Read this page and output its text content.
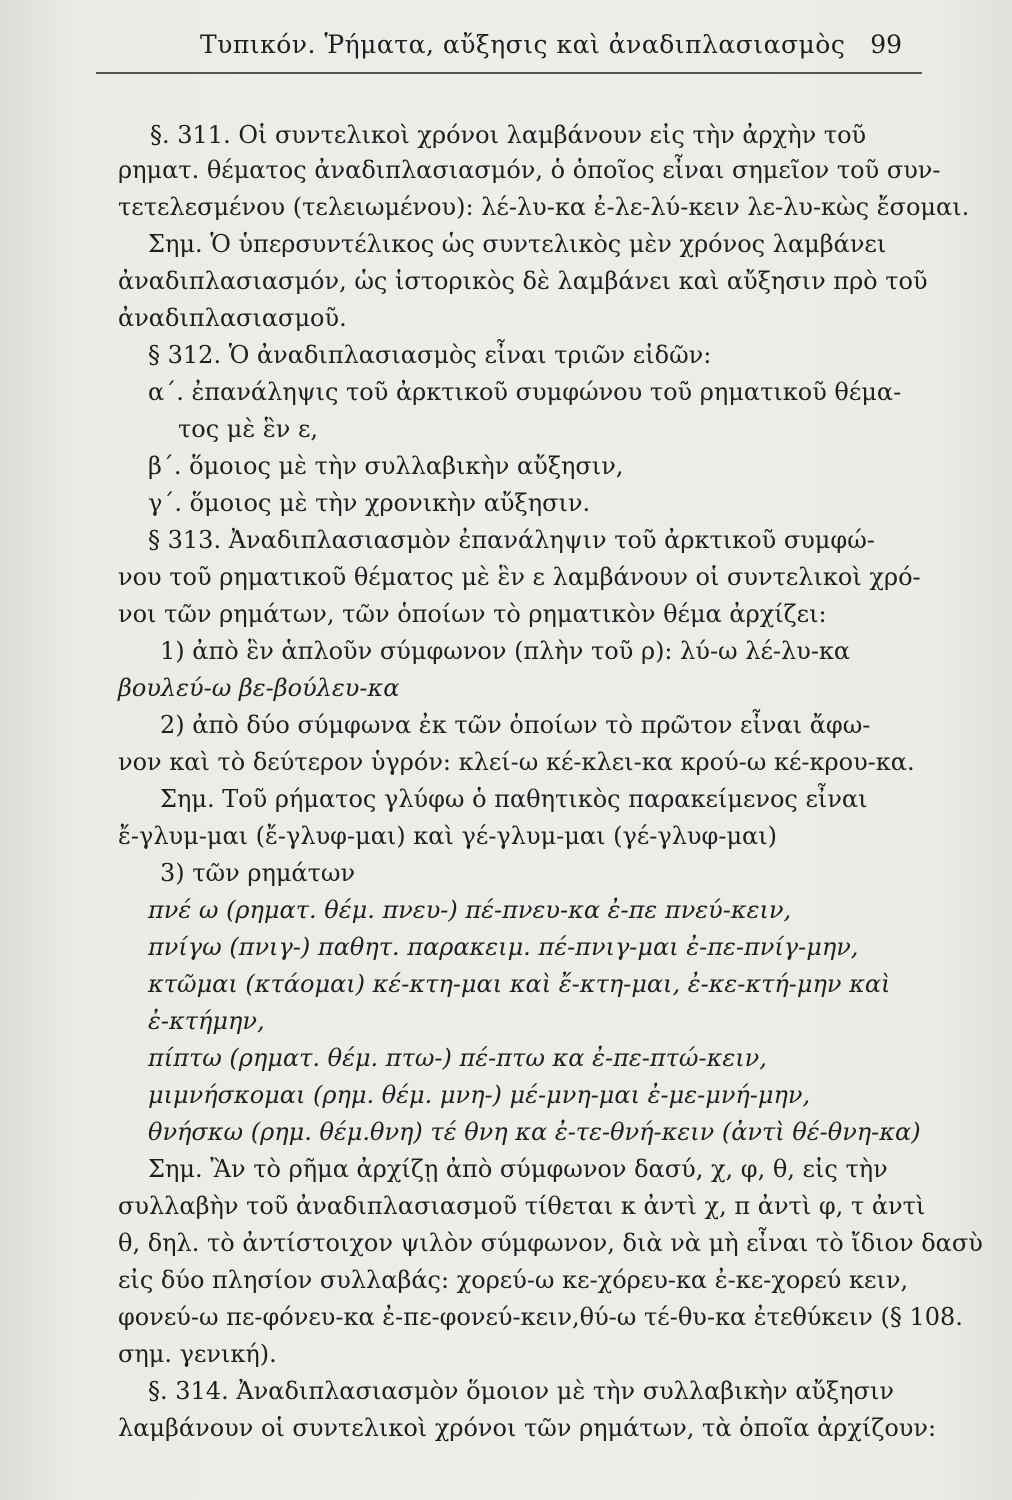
Τυπικόν. Ῥήματα, αὔξησις καὶ ἀναδιπλασιασμὸς 99
§. 311. Οἱ συντελικοὶ χρόνοι λαμβάνουν εἰς τὴν ἀρχὴν τοῦ
ρηματ. θέματος ἀναδιπλασιασμόν, ὁ ὁποῖος εἶναι σημεῖον τοῦ συν-
τετελεσμένου (τελειωμένου): λέ-λυ-κα ἐ-λε-λύ-κειν λε-λυ-κὼς ἔσομαι.
Σημ. Ὁ ὑπερσυντέλικος ὡς συντελικὸς μὲν χρόνος λαμβάνει
ἀναδιπλασιασμόν, ὡς ἱστορικὸς δὲ λαμβάνει καὶ αὔξησιν πρὸ τοῦ
ἀναδιπλασιασμοῦ.
§ 312. Ὁ ἀναδιπλασιασμὸς εἶναι τριῶν εἰδῶν:
α΄. ἐπανάληψις τοῦ ἀρκτικοῦ συμφώνου τοῦ ρηματικοῦ θέμα-
τος μὲ ἓν ε,
β΄. ὅμοιος μὲ τὴν συλλαβικὴν αὔξησιν,
γ΄. ὅμοιος μὲ τὴν χρονικὴν αὔξησιν.
§ 313. Ἀναδιπλασιασμὸν ἐπανάληψιν τοῦ ἀρκτικοῦ συμφώ-
νου τοῦ ρηματικοῦ θέματος μὲ ἓν ε λαμβάνουν οἱ συντελικοὶ χρό-
νοι τῶν ρημάτων, τῶν ὁποίων τὸ ρηματικὸν θέμα ἀρχίζει:
1) ἀπὸ ἓν ἁπλοῦν σύμφωνον (πλὴν τοῦ ρ): λύ-ω λέ-λυ-κα
βουλεύ-ω βε-βούλευ-κα
2) ἀπὸ δύο σύμφωνα ἐκ τῶν ὁποίων τὸ πρῶτον εἶναι ἄφω-
νον καὶ τὸ δεύτερον ὑγρόν: κλεί-ω κέ-κλει-κα κρού-ω κέ-κρου-κα.
Σημ. Τοῦ ρήματος γλύφω ὁ παθητικὸς παρακείμενος εἶναι
ἔ-γλυμ-μαι (ἔ-γλυφ-μαι) καὶ γέ-γλυμ-μαι (γέ-γλυφ-μαι)
3) τῶν ρημάτων
πνέ ω (ρηματ. θέμ. πνευ-) πέ-πνευ-κα ἐ-πε πνεύ-κειν,
πνίγω (πνιγ-) παθητ. παρακειμ. πέ-πνιγ-μαι ἐ-πε-πνίγ-μην,
κτῶμαι (κτάομαι) κέ-κτη-μαι καὶ ἔ-κτη-μαι, ἐ-κε-κτή-μην καὶ
ἐ-κτήμην,
πίπτω (ρηματ. θέμ. πτω-) πέ-πτω κα ἐ-πε-πτώ-κειν,
μιμνήσκομαι (ρημ. θέμ. μνη-) μέ-μνη-μαι ἐ-με-μνή-μην,
θνήσκω (ρημ. θέμ.θνη) τέ θνη κα ἐ-τε-θνή-κειν (ἀντὶ θέ-θνη-κα)
Σημ. Ἂν τὸ ρῆμα ἀρχίζῃ ἀπὸ σύμφωνον δασύ, χ, φ, θ, εἰς τὴν
συλλαβὴν τοῦ ἀναδιπλασιασμοῦ τίθεται κ ἀντὶ χ, π ἀντὶ φ, τ ἀντὶ
θ, δηλ. τὸ ἀντίστοιχον ψιλὸν σύμφωνον, διὰ νὰ μὴ εἶναι τὸ ἴδιον δασὺ
εἰς δύο πλησίον συλλαβάς: χορεύ-ω κε-χόρευ-κα ἐ-κε-χορεύ κειν,
φονεύ-ω πε-φόνευ-κα ἐ-πε-φονεύ-κειν,θύ-ω τέ-θυ-κα ἐτεθύκειν (§ 108.
σημ. γενική).
§. 314. Ἀναδιπλασιασμὸν ὅμοιον μὲ τὴν συλλαβικὴν αὔξησιν
λαμβάνουν οἱ συντελικοὶ χρόνοι τῶν ρημάτων, τὰ ὁποῖα ἀρχίζουν:
